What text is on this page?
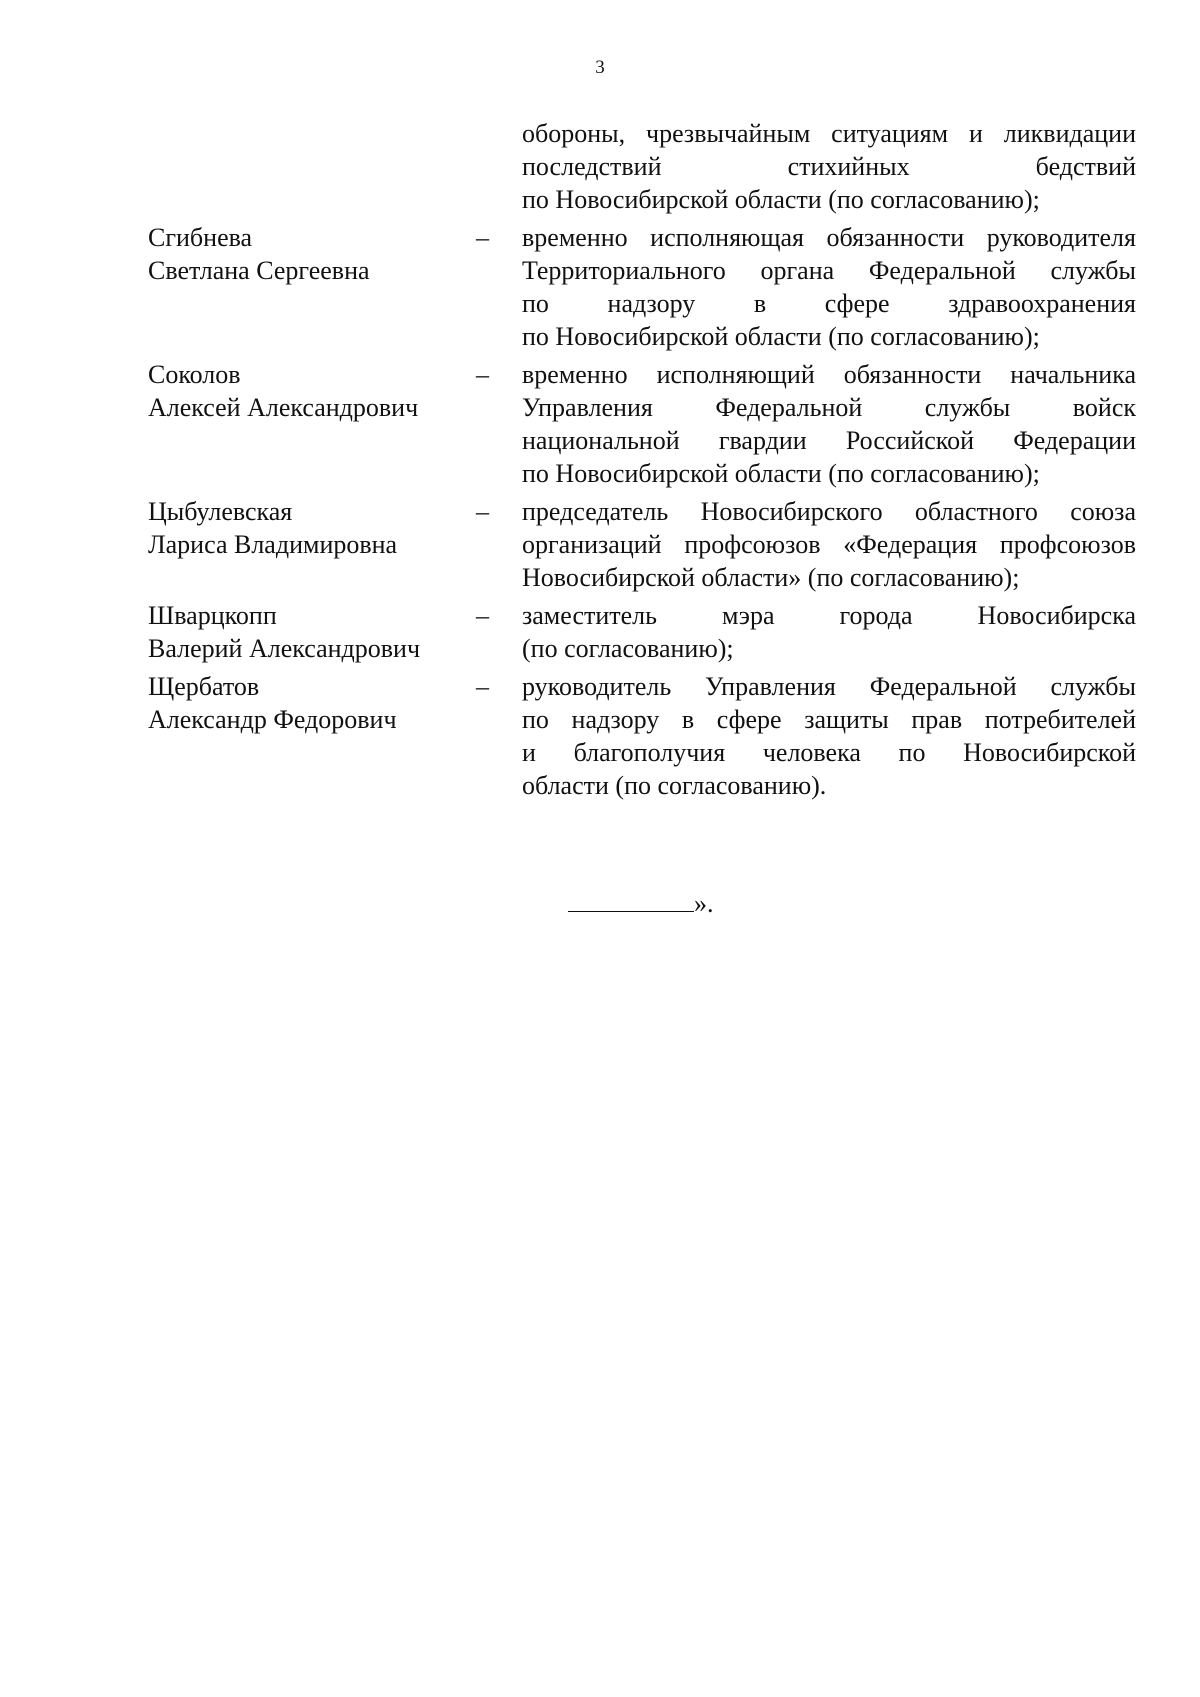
3
обороны, чрезвычайным ситуациям и ликвидации
последствий стихийных бедствий
по Новосибирской области (по согласованию);
Сгибнева
Светлана Сергеевна
– временно исполняющая обязанности руководителя
Территориального органа Федеральной службы
по надзору в сфере здравоохранения
по Новосибирской области (по согласованию);
Соколов
Алексей Александрович
– временно исполняющий обязанности начальника
Управления Федеральной службы войск
национальной гвардии Российской Федерации
по Новосибирской области (по согласованию);
Цыбулевская
Лариса Владимировна
– председатель Новосибирского областного союза
организаций профсоюзов «Федерация профсоюзов
Новосибирской области» (по согласованию);
Шварцкопп
Валерий Александрович
– заместитель мэра города Новосибирска
(по согласованию);
Щербатов
Александр Федорович
– руководитель Управления Федеральной службы
по надзору в сфере защиты прав потребителей
и благополучия человека по Новосибирской
области (по согласованию).
».
